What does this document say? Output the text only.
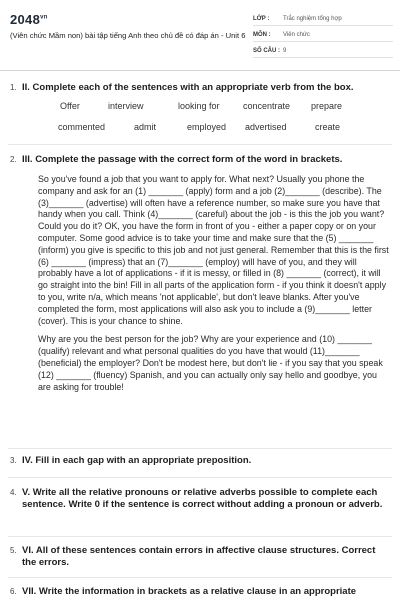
$2048^{vn}$
(Viên chức Mầm non) bài tập tiếng Anh theo chủ đề có đáp án - Unit 6
LỚP :	Trắc nghiệm tổng hợp
MÔN :	Viên chức
SỐ CÂU : 9
1. II. Complete each of the sentences with an appropriate verb from the box.
Offer	interview	looking for	concentrate prepare
commented	admit	employed advertised	create
2. III. Complete the passage with the correct form of the word in brackets.

So you've found a job that you want to apply for. What next? Usually you phone the company and ask for an (1) _______ (apply) form and a job (2)_______ (describe). The (3)_______ (advertise) will often have a reference number, so make sure you have that handy when you call. Think (4)_______ (careful) about the job - is this the job you want? Could you do it? OK, you have the form in front of you - either a paper copy or on your computer. Some good advice is to take your time and make sure that the (5) _______ (inform) you give is specific to this job and not just general. Remember that this is the first (6) _______ (impress) that an (7)_______ (employ) will have of you, and they will probably have a lot of applications - if it is messy, or filled in (8) _______ (correct), it will go straight into the bin! Fill in all parts of the application form - if you think it doesn't apply to you, write n/a, which means 'not applicable', but don't leave blanks. After you've completed the form, most applications will also ask you to include a (9)_______ letter (cover). This is your chance to shine.

Why are you the best person for the job? Why are your experience and (10) _______ (qualify) relevant and what personal qualities do you have that would (11)_______ (beneficial) the employer? Don't be modest here, but don't lie - if you say that you speak (12) _______ (fluency) Spanish, and you can actually only say hello and goodbye, you are asking for trouble!

3. IV. Fill in each gap with an appropriate preposition.
4. V. Write all the relative pronouns or relative adverbs possible to complete each sentence. Write 0 if the sentence is correct without adding a pronoun or adverb.
5. VI. All of these sentences contain errors in affective clause structures. Correct the errors.
6. VII. Write the information in brackets as a relative clause in an appropriate
